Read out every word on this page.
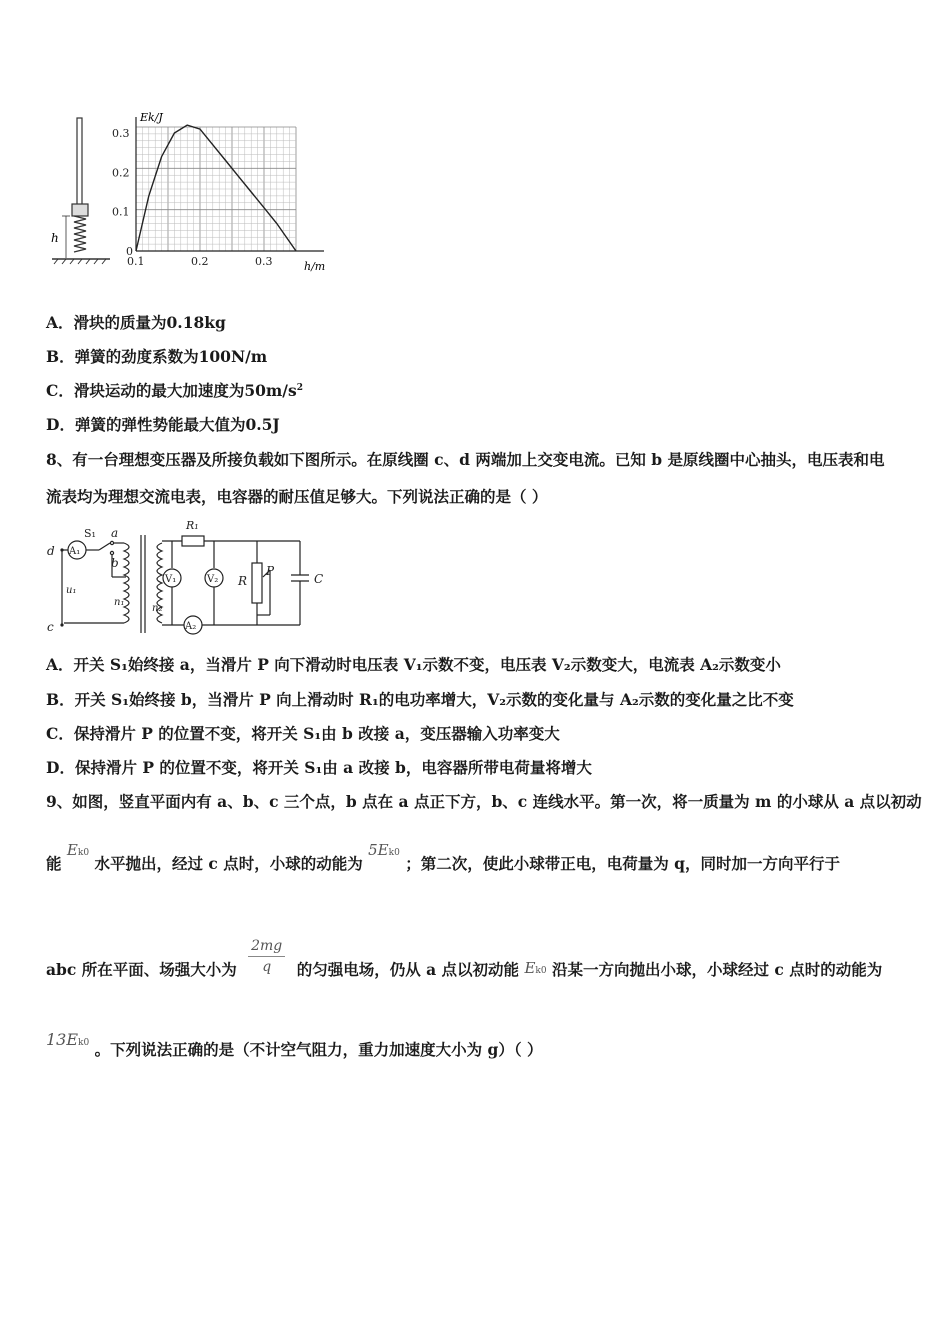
h
0.1	0.2	0.3
0.3
0.2
0.1
0
Ek/J
h/m
A．滑块的质量为0.18kg
B．弹簧的劲度系数为100N/m
C．滑块运动的最大加速度为$50m/s^2$
D．弹簧的弹性势能最大值为0.5J
8、有一台理想变压器及所接负载如下图所示。在原线圈 c、d 两端加上交变电流。已知 b 是原线圈中心抽头，电压表和电
流表均为理想交流电表，电容器的耐压值足够大。下列说法正确的是（ ）
d
c
A₁
S₁ a
b
u₁
n₁
n₂
R₁
V₁	V₂ R
P
C
A₂
A．开关 S₁始终接 a，当滑片 P 向下滑动时电压表 V₁示数不变，电压表 V₂示数变大，电流表 A₂示数变小
B．开关 S₁始终接 b，当滑片 P 向上滑动时 R₁的电功率增大，V₂示数的变化量与 A₂示数的变化量之比不变
C．保持滑片 P 的位置不变，将开关 S₁由 b 改接 a，变压器输入功率变大
D．保持滑片 P 的位置不变，将开关 S₁由 a 改接 b，电容器所带电荷量将增大
9、如图，竖直平面内有 a、b、c 三个点，b 点在 a 点正下方，b、c 连线水平。第一次，将一质量为 m 的小球从 a 点以初动
能 Ek0 水平抛出，经过 c 点时，小球的动能为 5Ek0 ；第二次，使此小球带正电，电荷量为 q，同时加一方向平行于
abc 所在平面、场强大小为 $\frac{2mg}{q}$ 的匀强电场，仍从 a 点以初动能 Ek0 沿某一方向抛出小球，小球经过 c 点时的动能为
13Ek0 。下列说法正确的是（不计空气阻力，重力加速度大小为 g）（ ）
